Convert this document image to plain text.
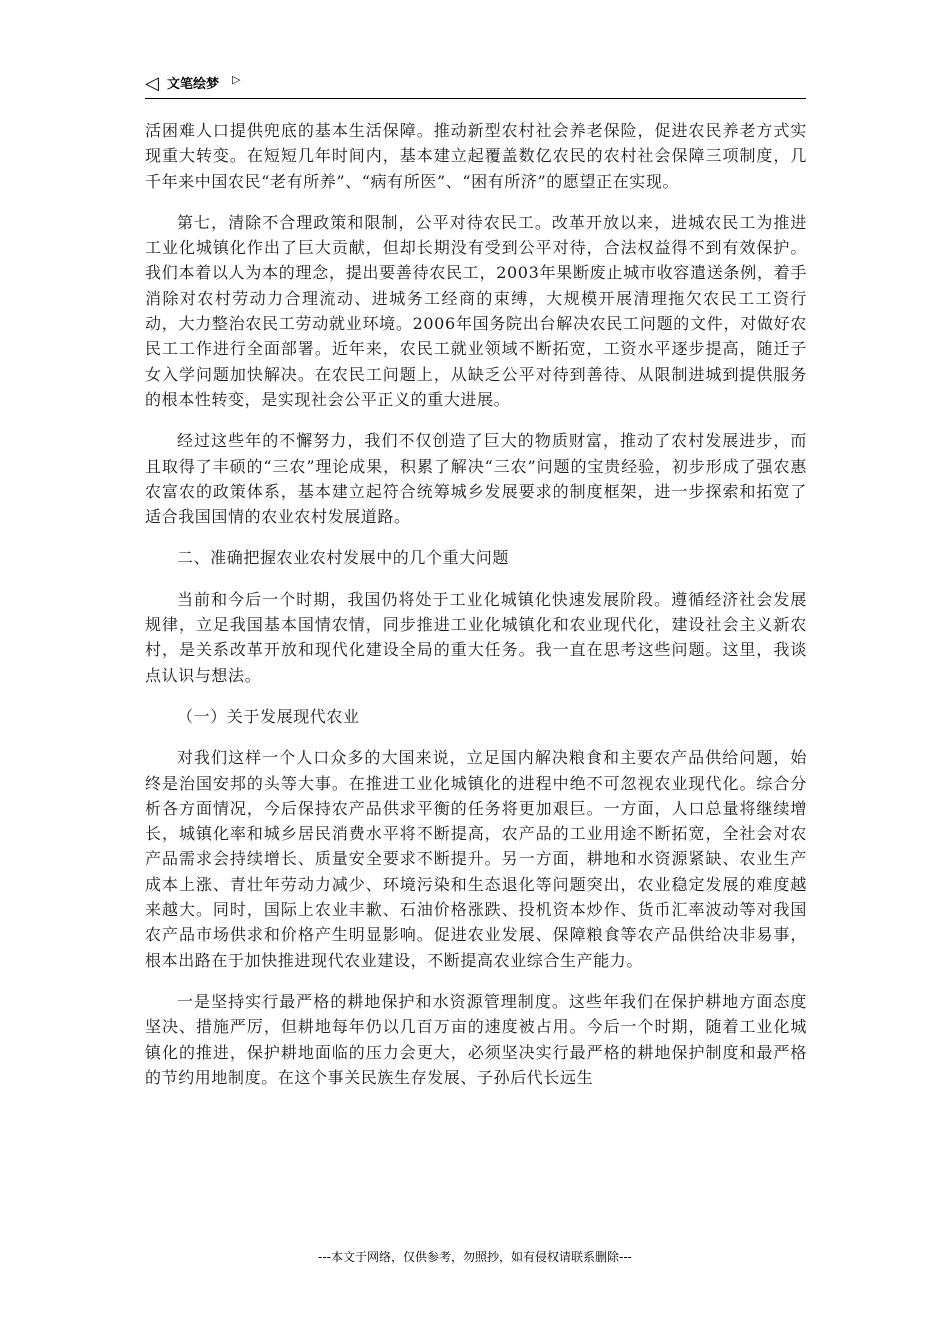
◁ 文笔绘梦 ▷

活困难人口提供兜底的基本生活保障。推动新型农村社会养老保险，促进农民养老方式实现重大转变。在短短几年时间内，基本建立起覆盖数亿农民的农村社会保障三项制度，几千年来中国农民“老有所养”、“病有所医”、“困有所济”的愿望正在实现。

第七，清除不合理政策和限制，公平对待农民工。改革开放以来，进城农民工为推进工业化城镇化作出了巨大贡献，但却长期没有受到公平对待，合法权益得不到有效保护。我们本着以人为本的理念，提出要善待农民工，2003年果断废止城市收容遣送条例，着手消除对农村劳动力合理流动、进城务工经商的束缚，大规模开展清理拖欠农民工工资行动，大力整治农民工劳动就业环境。2006年国务院出台解决农民工问题的文件，对做好农民工工作进行全面部署。近年来，农民工就业领域不断拓宽，工资水平逐步提高，随迁子女入学问题加快解决。在农民工问题上，从缺乏公平对待到善待、从限制进城到提供服务的根本性转变，是实现社会公平正义的重大进展。

经过这些年的不懈努力，我们不仅创造了巨大的物质财富，推动了农村发展进步，而且取得了丰硕的“三农”理论成果，积累了解决“三农”问题的宝贵经验，初步形成了强农惠农富农的政策体系，基本建立起符合统筹城乡发展要求的制度框架，进一步探索和拓宽了适合我国国情的农业农村发展道路。

二、准确把握农业农村发展中的几个重大问题

当前和今后一个时期，我国仍将处于工业化城镇化快速发展阶段。遵循经济社会发展规律，立足我国基本国情农情，同步推进工业化城镇化和农业现代化，建设社会主义新农村，是关系改革开放和现代化建设全局的重大任务。我一直在思考这些问题。这里，我谈点认识与想法。

（一）关于发展现代农业

对我们这样一个人口众多的大国来说，立足国内解决粮食和主要农产品供给问题，始终是治国安邦的头等大事。在推进工业化城镇化的进程中绝不可忽视农业现代化。综合分析各方面情况，今后保持农产品供求平衡的任务将更加艰巨。一方面，人口总量将继续增长，城镇化率和城乡居民消费水平将不断提高，农产品的工业用途不断拓宽，全社会对农产品需求会持续增长、质量安全要求不断提升。另一方面，耕地和水资源紧缺、农业生产成本上涨、青壮年劳动力减少、环境污染和生态退化等问题突出，农业稳定发展的难度越来越大。同时，国际上农业丰歉、石油价格涨跌、投机资本炒作、货币汇率波动等对我国农产品市场供求和价格产生明显影响。促进农业发展、保障粮食等农产品供给决非易事，根本出路在于加快推进现代农业建设，不断提高农业综合生产能力。

一是坚持实行最严格的耕地保护和水资源管理制度。这些年我们在保护耕地方面态度坚决、措施严厉，但耕地每年仍以几百万亩的速度被占用。今后一个时期，随着工业化城镇化的推进，保护耕地面临的压力会更大，必须坚决实行最严格的耕地保护制度和最严格的节约用地制度。在这个事关民族生存发展、子孙后代长远生

---本文于网络，仅供参考，勿照抄，如有侵权请联系删除---
